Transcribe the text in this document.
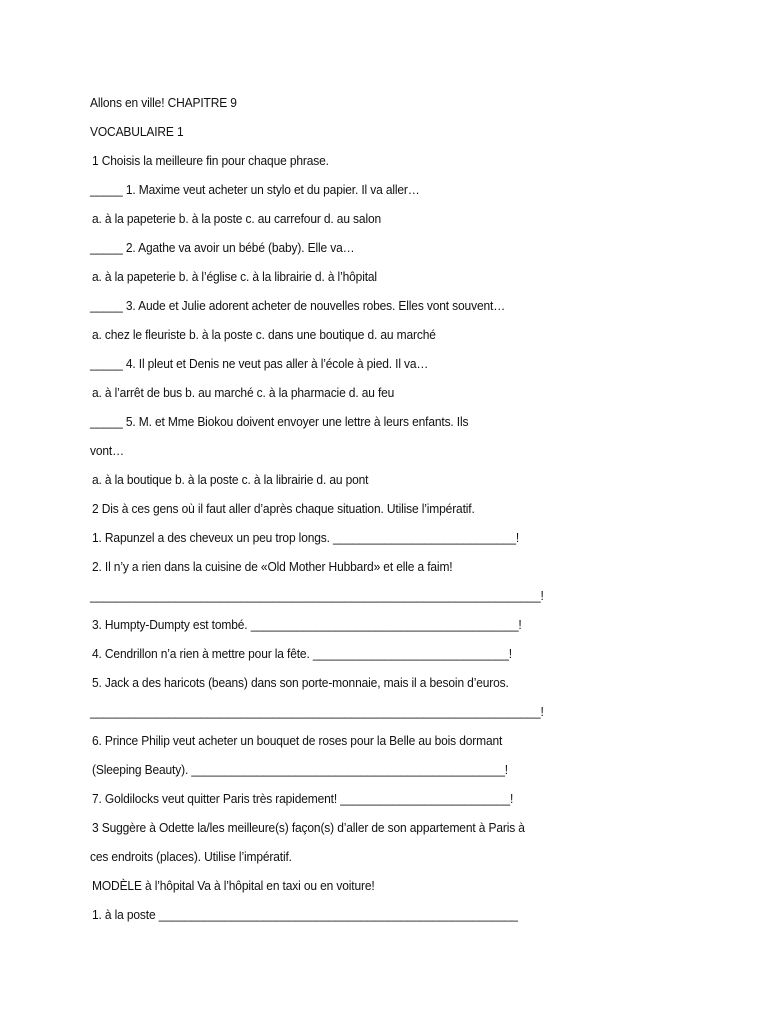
Allons en ville! CHAPITRE 9
VOCABULAIRE 1
1 Choisis la meilleure fin pour chaque phrase.
_____ 1. Maxime veut acheter un stylo et du papier. Il va aller…
a. à la papeterie b. à la poste c. au carrefour d. au salon
_____ 2. Agathe va avoir un bébé (baby). Elle va…
a. à la papeterie b. à l’église c. à la librairie d. à l’hôpital
_____ 3. Aude et Julie adorent acheter de nouvelles robes. Elles vont souvent…
a. chez le fleuriste b. à la poste c. dans une boutique d. au marché
_____ 4. Il pleut et Denis ne veut pas aller à l’école à pied. Il va…
a. à l’arrêt de bus b. au marché c. à la pharmacie d. au feu
_____ 5. M. et Mme Biokou doivent envoyer une lettre à leurs enfants. Ils
vont…
a. à la boutique b. à la poste c. à la librairie d. au pont
2 Dis à ces gens où il faut aller d’après chaque situation. Utilise l’impératif.
1. Rapunzel a des cheveux un peu trop longs. ____________________________!
2. Il n’y a rien dans la cuisine de «Old Mother Hubbard» et elle a faim!
_____________________________________________________________________!
3. Humpty-Dumpty est tombé. _________________________________________!
4. Cendrillon n’a rien à mettre pour la fête. ______________________________!
5. Jack a des haricots (beans) dans son porte-monnaie, mais il a besoin d’euros.
_____________________________________________________________________!
6. Prince Philip veut acheter un bouquet de roses pour la Belle au bois dormant
(Sleeping Beauty). ________________________________________________!
7. Goldilocks veut quitter Paris très rapidement! __________________________!
3 Suggère à Odette la/les meilleure(s) façon(s) d’aller de son appartement à Paris à
ces endroits (places). Utilise l’impératif.
MODÈLE à l’hôpital Va à l’hôpital en taxi ou en voiture!
1. à la poste _______________________________________________________
